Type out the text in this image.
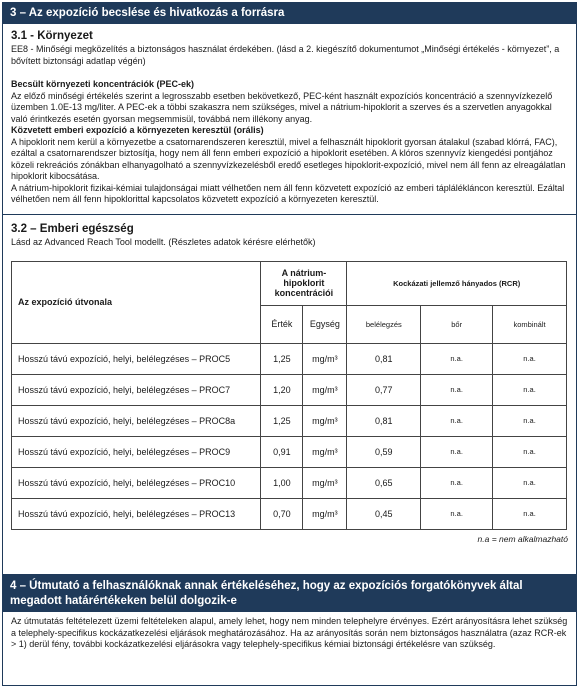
3 – Az expozíció becslése és hivatkozás a forrásra
3.1 - Környezet
EE8 - Minőségi megközelítés a biztonságos használat érdekében. (lásd a 2. kiegészítő dokumentumot „Minőségi értékelés - környezet”, a bővített biztonsági adatlap végén)
Becsült környezeti koncentrációk (PEC-ek)
Az előző minőségi értékelés szerint a legrosszabb esetben bekövetkező, PEC-ként használt expozíciós koncentráció a szennyvízkezelő üzemben 1.0E-13 mg/liter. A PEC-ek a többi szakaszra nem szükséges, mivel a nátrium-hipoklorit a szerves és a szervetlen anyagokkal való érintkezés esetén gyorsan megsemmisül, továbbá nem illékony anyag.
Közvetett emberi expozíció a környezeten keresztül (orális)
A hipoklorit nem kerül a környezetbe a csatornarendszeren keresztül, mivel a felhasznált hipoklorit gyorsan átalakul (szabad klórrá, FAC), ezáltal a csatornarendszer biztosítja, hogy nem áll fenn emberi expozíció a hipoklorit esetében. A klóros szennyvíz kiengedési pontjához közeli rekreációs zónákban elhanyagolható a szennyvízkezelésből eredő esetleges hipoklorit-expozíció, mivel nem áll fenn az elreagálatlan hipoklorit kibocsátása.
A nátrium-hipoklorit fizikai-kémiai tulajdonságai miatt vélhetően nem áll fenn közvetett expozíció az emberi táplálékláncon keresztül. Ezáltal vélhetően nem áll fenn hipoklorittal kapcsolatos közvetett expozíció a környezeten keresztül.
3.2 – Emberi egészség
Lásd az Advanced Reach Tool modellt. (Részletes adatok kérésre elérhetők)
Az expozíció útvonala	A nátrium-hipoklorit koncentrációi		Kockázati jellemző hányados (RCR)		
	Érték	Egység	belélegzés	bőr	kombinált
Hosszú távú expozíció, helyi, belélegzéses – PROC5	1,25	mg/m³	0,81	n.a.	n.a.
Hosszú távú expozíció, helyi, belélegzéses – PROC7	1,20	mg/m³	0,77	n.a.	n.a.
Hosszú távú expozíció, helyi, belélegzéses – PROC8a	1,25	mg/m³	0,81	n.a.	n.a.
Hosszú távú expozíció, helyi, belélegzéses – PROC9	0,91	mg/m³	0,59	n.a.	n.a.
Hosszú távú expozíció, helyi, belélegzéses – PROC10	1,00	mg/m³	0,65	n.a.	n.a.
Hosszú távú expozíció, helyi, belélegzéses – PROC13	0,70	mg/m³	0,45	n.a.	n.a.
n.a = nem alkalmazható
4 – Útmutató a felhasználóknak annak értékeléséhez, hogy az expozíciós forgatókönyvek által megadott határértékeken belül dolgozik-e
Az útmutatás feltételezett üzemi feltételeken alapul, amely lehet, hogy nem minden telephelyre érvényes. Ezért arányosításra lehet szükség a telephely-specifikus kockázatkezelési eljárások meghatározásához. Ha az arányosítás során nem biztonságos használatra (azaz RCR-ek > 1) derül fény, további kockázatkezelési eljárásokra vagy telephely-specifikus kémiai biztonsági értékelésre van szükség.
